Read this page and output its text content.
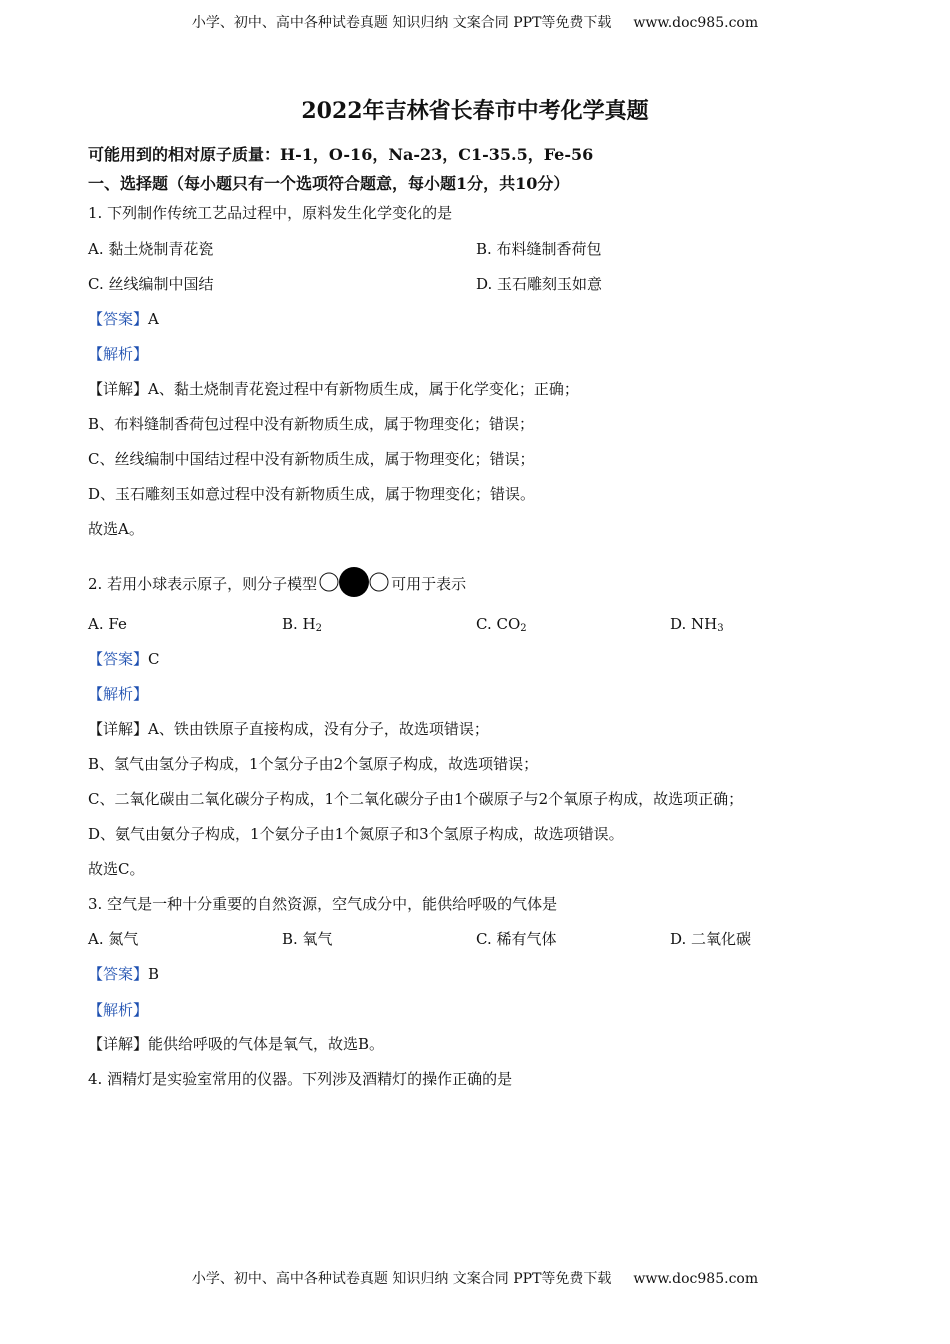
小学、初中、高中各种试卷真题 知识归纳 文案合同 PPT等免费下载 www.doc985.com
2022年吉林省长春市中考化学真题
可能用到的相对原子质量：H-1，O-16，Na-23，C1-35.5，Fe-56
一、选择题（每小题只有一个选项符合题意，每小题1分，共10分）
1. 下列制作传统工艺品过程中，原料发生化学变化的是
A. 黏土烧制青花瓷	B. 布料缝制香荷包
C. 丝线编制中国结	D. 玉石雕刻玉如意
【答案】A
【解析】
【详解】A、黏土烧制青花瓷过程中有新物质生成，属于化学变化；正确；
B、布料缝制香荷包过程中没有新物质生成，属于物理变化；错误；
C、丝线编制中国结过程中没有新物质生成，属于物理变化；错误；
D、玉石雕刻玉如意过程中没有新物质生成，属于物理变化；错误。
故选A。
2. 若用小球表示原子，则分子模型	可用于表示
A. Fe	B. $H_2$	C. $CO_2$	D. $NH_3$
【答案】C
【解析】
【详解】A、铁由铁原子直接构成，没有分子，故选项错误；
B、氢气由氢分子构成，1个氢分子由2个氢原子构成，故选项错误；
C、二氧化碳由二氧化碳分子构成，1个二氧化碳分子由1个碳原子与2个氧原子构成，故选项正确；
D、氨气由氨分子构成，1个氨分子由1个氮原子和3个氢原子构成，故选项错误。
故选C。
3. 空气是一种十分重要的自然资源，空气成分中，能供给呼吸的气体是
A. 氮气	B. 氧气	C. 稀有气体	D. 二氧化碳
【答案】B
【解析】
【详解】能供给呼吸的气体是氧气，故选B。
4. 酒精灯是实验室常用的仪器。下列涉及酒精灯的操作正确的是
小学、初中、高中各种试卷真题 知识归纳 文案合同 PPT等免费下载 www.doc985.com
